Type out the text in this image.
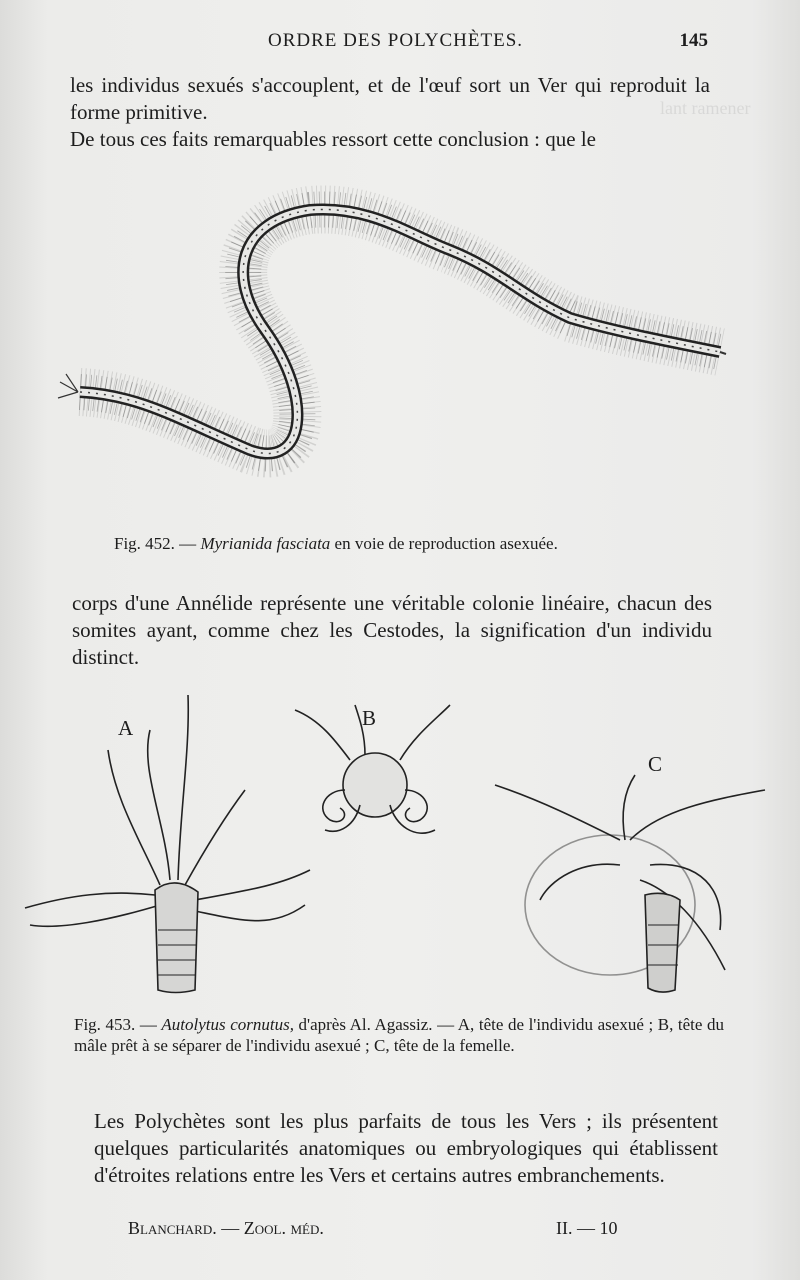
lant ramener
ORDRE DES POLYCHÈTES.	145

les individus sexués s'accouplent, et de l'œuf sort un Ver qui reproduit la forme primitive.

De tous ces faits remarquables ressort cette conclusion : que le

Fig. 452. — Myrianida fasciata en voie de reproduction asexuée.

corps d'une Annélide représente une véritable colonie linéaire, chacun des somites ayant, comme chez les Cestodes, la signification d'un individu distinct.

A	B
C

Fig. 453. — Autolytus cornutus, d'après Al. Agassiz. — A, tête de l'individu asexué ; B, tête du mâle prêt à se séparer de l'individu asexué ; C, tête de la femelle.

Les Polychètes sont les plus parfaits de tous les Vers ; ils présentent quelques particularités anatomiques ou embryologiques qui établissent d'étroites relations entre les Vers et certains autres embranchements.

Blanchard. — Zool. méd.	II. — 10
